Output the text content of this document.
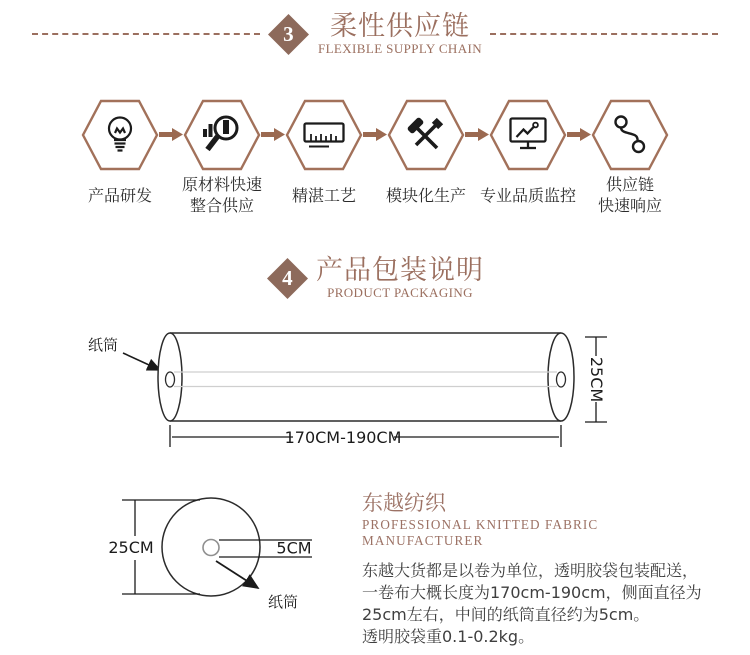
3	柔性供应链
FLEXIBLE SUPPLY CHAIN
产品研发
原材料快速
整合供应
精湛工艺 模块化生产 专业品质监控
供应链
快速响应
4 产品包装说明
PRODUCT PACKAGING
纸筒
170CM-190CM
25CM
25CM	5CM
纸筒
东越纺织
PROFESSIONAL KNITTED FABRIC MANUFACTURER
东越大货都是以卷为单位，透明胶袋包装配送，
一卷布大概长度为170cm-190cm，侧面直径为
25cm左右，中间的纸筒直径约为5cm。
透明胶袋重0.1-0.2kg。
